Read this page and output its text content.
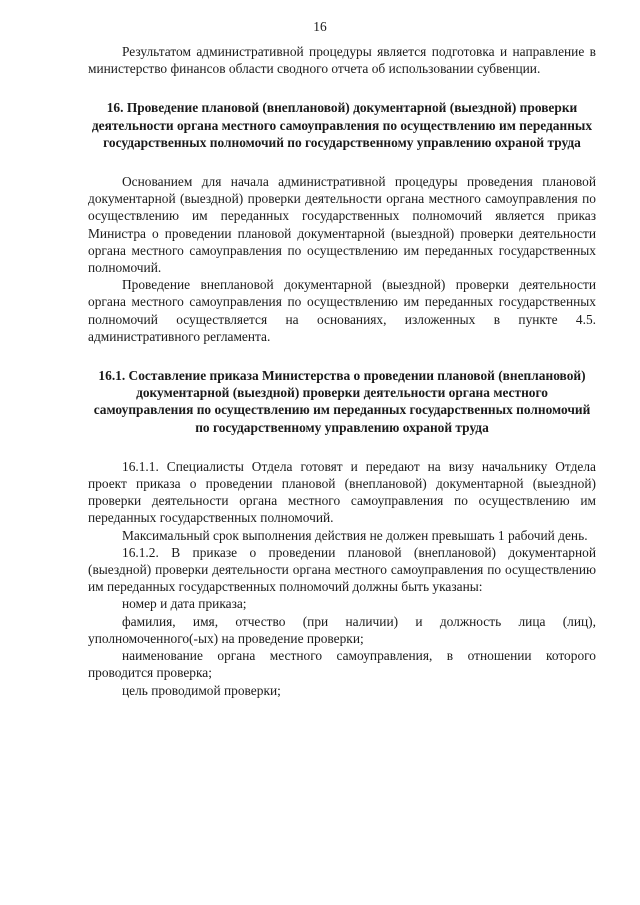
16

Результатом административной процедуры является подготовка и направление в министерство финансов области сводного отчета об использовании субвенции.

16. Проведение плановой (внеплановой) документарной (выездной) проверки деятельности органа местного самоуправления по осуществлению им переданных государственных полномочий по государственному управлению охраной труда

Основанием для начала административной процедуры проведения плановой документарной (выездной) проверки деятельности органа местного самоуправления по осуществлению им переданных государственных полномочий является приказ Министра о проведении плановой документарной (выездной) проверки деятельности органа местного самоуправления по осуществлению им переданных государственных полномочий.

Проведение внеплановой документарной (выездной) проверки деятельности органа местного самоуправления по осуществлению им переданных государственных полномочий осуществляется на основаниях, изложенных в пункте 4.5. административного регламента.

16.1. Составление приказа Министерства о проведении плановой (внеплановой) документарной (выездной) проверки деятельности органа местного самоуправления по осуществлению им переданных государственных полномочий по государственному управлению охраной труда

16.1.1. Специалисты Отдела готовят и передают на визу начальнику Отдела проект приказа о проведении плановой (внеплановой) документарной (выездной) проверки деятельности органа местного самоуправления по осуществлению им переданных государственных полномочий.

Максимальный срок выполнения действия не должен превышать 1 рабочий день.

16.1.2. В приказе о проведении плановой (внеплановой) документарной (выездной) проверки деятельности органа местного самоуправления по осуществлению им переданных государственных полномочий должны быть указаны:

номер и дата приказа;

фамилия, имя, отчество (при наличии) и должность лица (лиц), уполномоченного(-ых) на проведение проверки;

наименование органа местного самоуправления, в отношении которого проводится проверка;

цель проводимой проверки;
